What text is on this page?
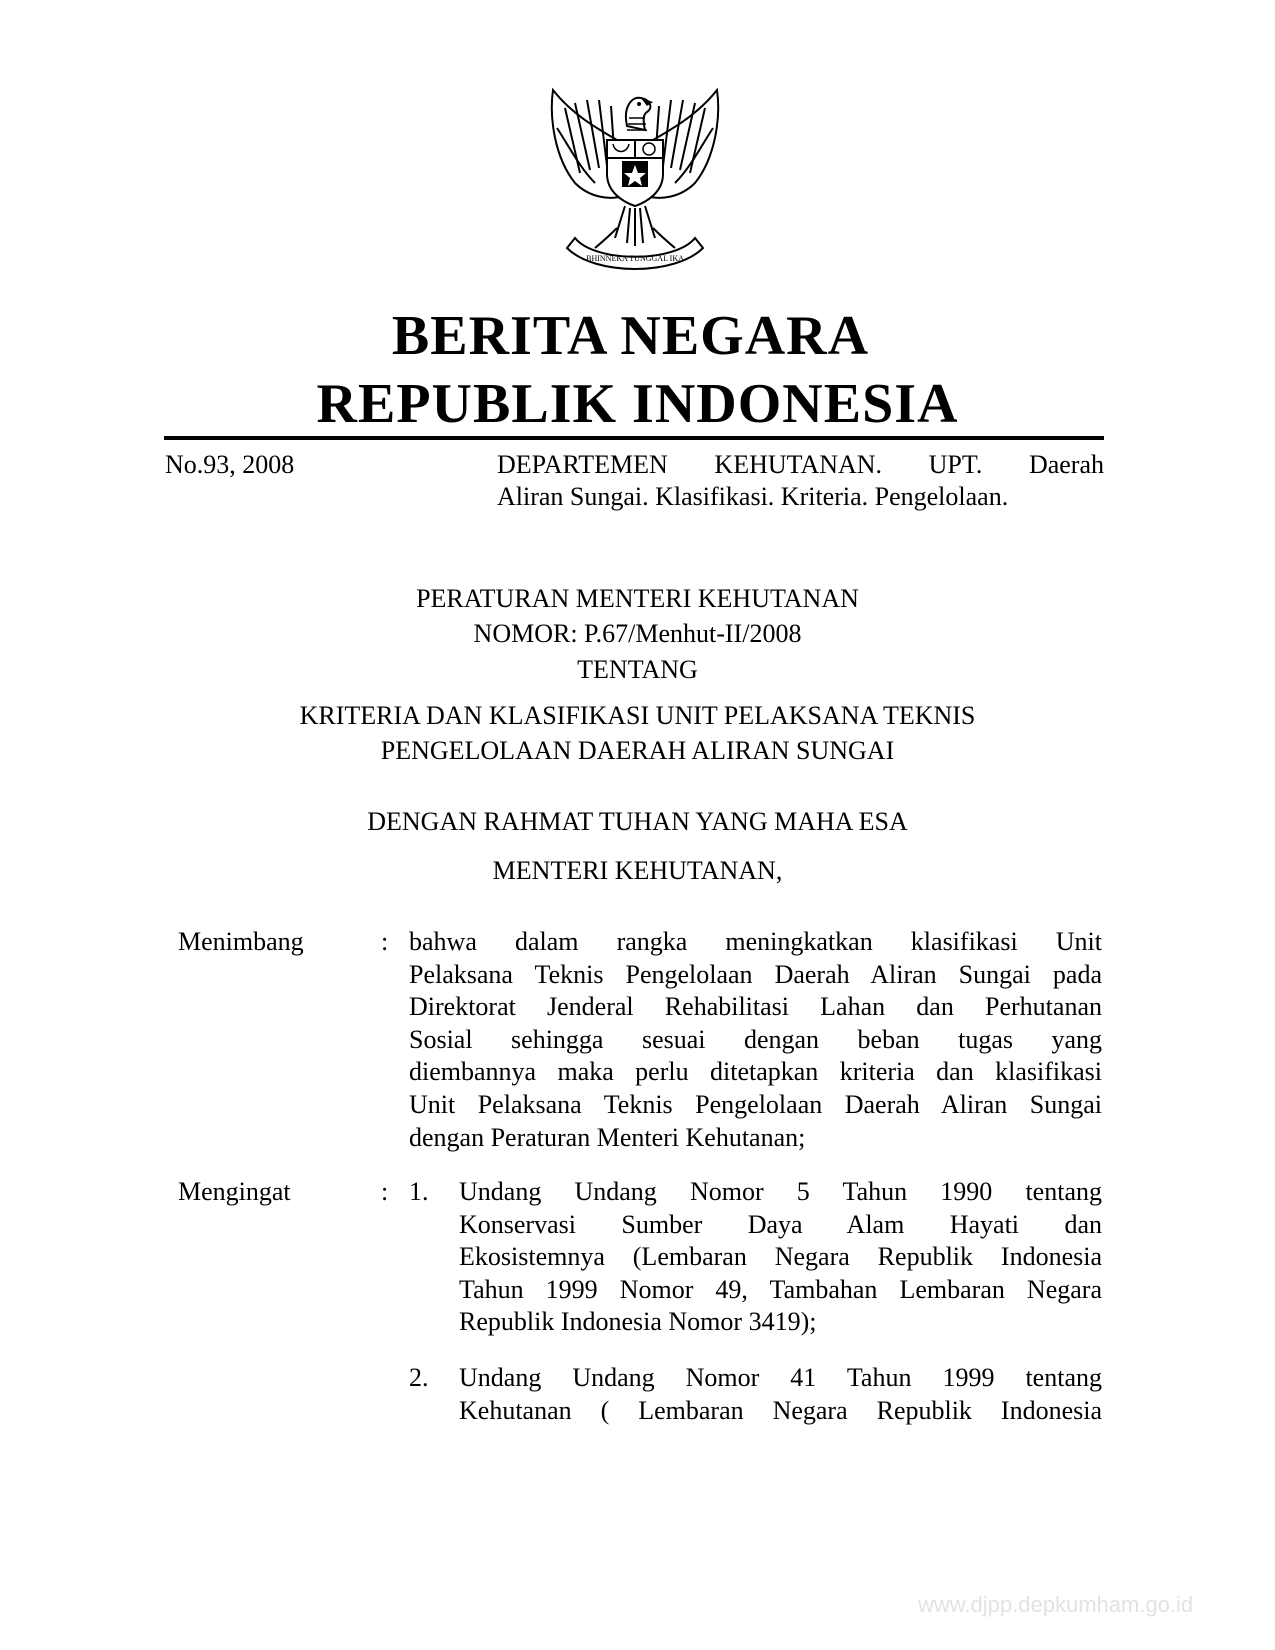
BHINNEKA TUNGGAL IKA
BERITA NEGARA
REPUBLIK INDONESIA
No.93, 2008	DEPARTEMEN KEHUTANAN. UPT. Daerah
Aliran Sungai. Klasifikasi. Kriteria. Pengelolaan.
PERATURAN MENTERI KEHUTANAN
NOMOR: P.67/Menhut-II/2008
TENTANG
KRITERIA DAN KLASIFIKASI UNIT PELAKSANA TEKNIS
PENGELOLAAN DAERAH ALIRAN SUNGAI
DENGAN RAHMAT TUHAN YANG MAHA ESA
MENTERI KEHUTANAN,
Menimbang	: bahwa dalam rangka meningkatkan klasifikasi Unit
Pelaksana Teknis Pengelolaan Daerah Aliran Sungai pada
Direktorat Jenderal Rehabilitasi Lahan dan Perhutanan
Sosial sehingga sesuai dengan beban tugas yang
diembannya maka perlu ditetapkan kriteria dan klasifikasi
Unit Pelaksana Teknis Pengelolaan Daerah Aliran Sungai
dengan Peraturan Menteri Kehutanan;
Mengingat	: 1. Undang Undang Nomor 5 Tahun 1990 tentang
Konservasi Sumber Daya Alam Hayati dan
Ekosistemnya (Lembaran Negara Republik Indonesia
Tahun 1999 Nomor 49, Tambahan Lembaran Negara
Republik Indonesia Nomor 3419);
2. Undang Undang Nomor 41 Tahun 1999 tentang
Kehutanan ( Lembaran Negara Republik Indonesia
www.djpp.depkumham.go.id
